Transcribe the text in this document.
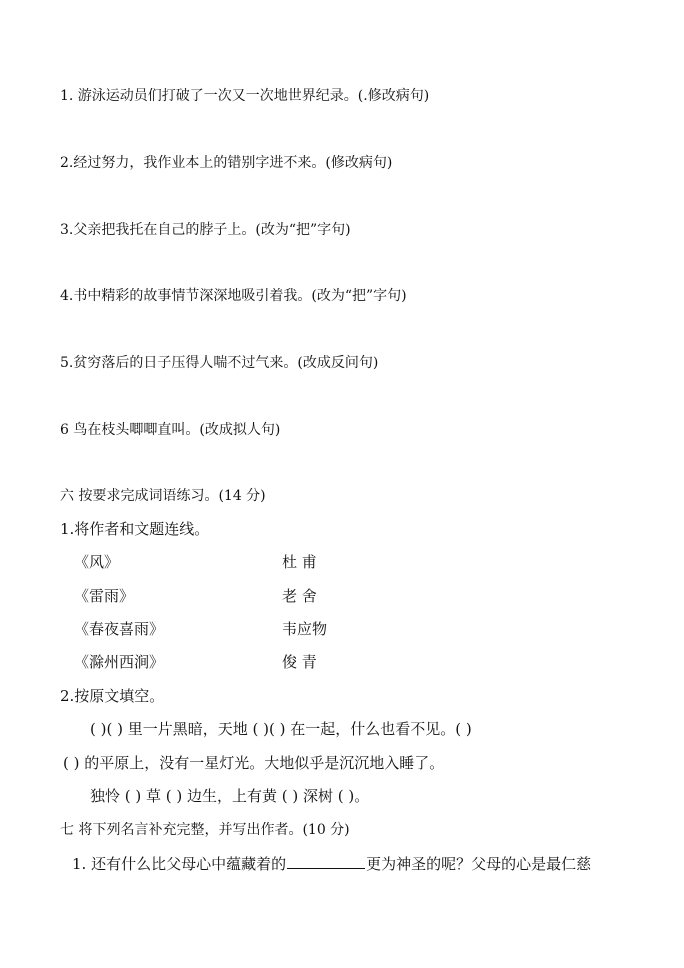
1. 游泳运动员们打破了一次又一次地世界纪录。(.修改病句)
2.经过努力，我作业本上的错别字进不来。(修改病句)
3.父亲把我托在自己的脖子上。(改为“把”字句)
4.书中精彩的故事情节深深地吸引着我。(改为“把”字句)
5.贫穷落后的日子压得人喘不过气来。(改成反问句)
6 鸟在枝头唧唧直叫。(改成拟人句)
六 按要求完成词语练习。(14 分)
1.将作者和文题连线。
《风》	杜 甫
《雷雨》	老 舍
《春夜喜雨》	韦应物
《滁州西涧》	俊 青
2.按原文填空。
( )( ) 里一片黑暗，天地 ( )( ) 在一起，什么也看不见。( )
( ) 的平原上，没有一星灯光。大地似乎是沉沉地入睡了。
独怜 ( ) 草 ( ) 边生，上有黄 ( ) 深树 ( )。
七 将下列名言补充完整，并写出作者。(10 分)
1. 还有什么比父母心中蕴藏着的	更为神圣的呢？父母的心是最仁慈
